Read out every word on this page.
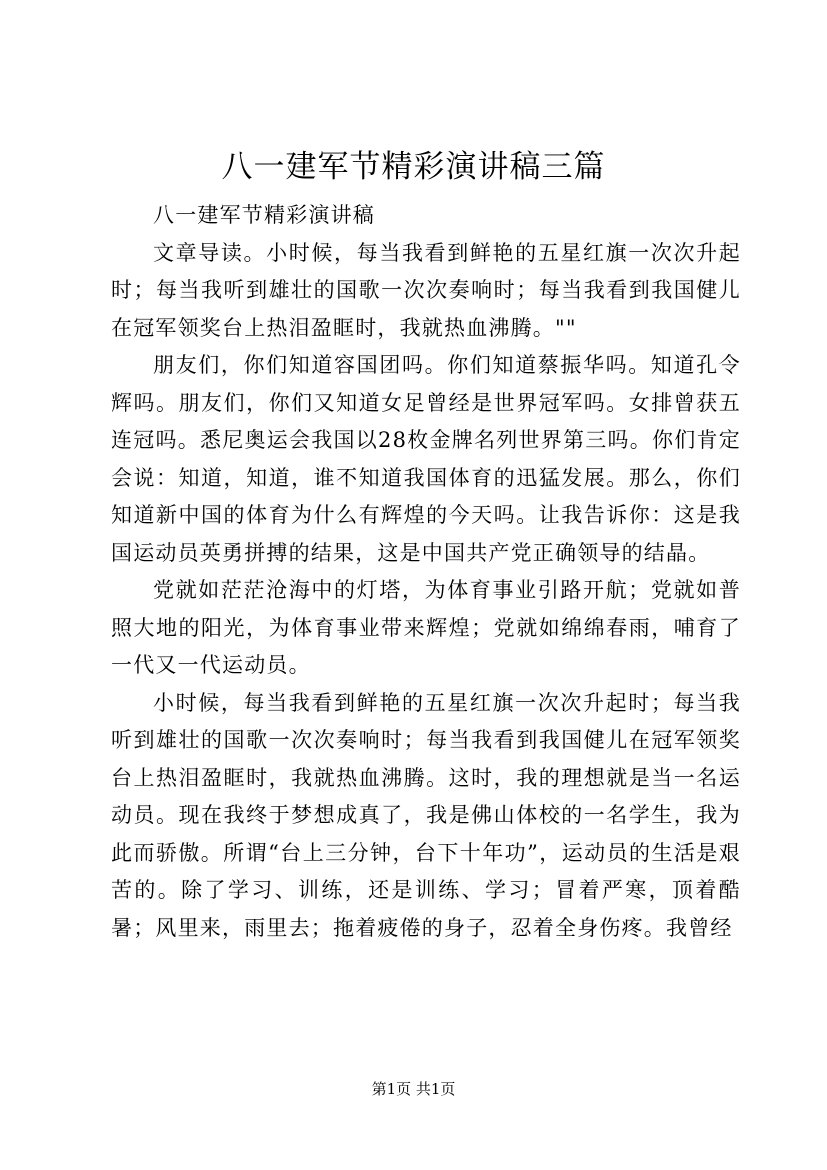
八一建军节精彩演讲稿三篇

八一建军节精彩演讲稿

文章导读。小时候，每当我看到鲜艳的五星红旗一次次升起时；每当我听到雄壮的国歌一次次奏响时；每当我看到我国健儿在冠军领奖台上热泪盈眶时，我就热血沸腾。""

朋友们，你们知道容国团吗。你们知道蔡振华吗。知道孔令辉吗。朋友们，你们又知道女足曾经是世界冠军吗。女排曾获五连冠吗。悉尼奥运会我国以28枚金牌名列世界第三吗。你们肯定会说：知道，知道，谁不知道我国体育的迅猛发展。那么，你们知道新中国的体育为什么有辉煌的今天吗。让我告诉你：这是我国运动员英勇拼搏的结果，这是中国共产党正确领导的结晶。

党就如茫茫沧海中的灯塔，为体育事业引路开航；党就如普照大地的阳光，为体育事业带来辉煌；党就如绵绵春雨，哺育了一代又一代运动员。

小时候，每当我看到鲜艳的五星红旗一次次升起时；每当我听到雄壮的国歌一次次奏响时；每当我看到我国健儿在冠军领奖台上热泪盈眶时，我就热血沸腾。这时，我的理想就是当一名运动员。现在我终于梦想成真了，我是佛山体校的一名学生，我为此而骄傲。所谓“台上三分钟，台下十年功”，运动员的生活是艰苦的。除了学习、训练，还是训练、学习；冒着严寒，顶着酷暑；风里来，雨里去；拖着疲倦的身子，忍着全身伤疼。我曾经

第1页 共1页
